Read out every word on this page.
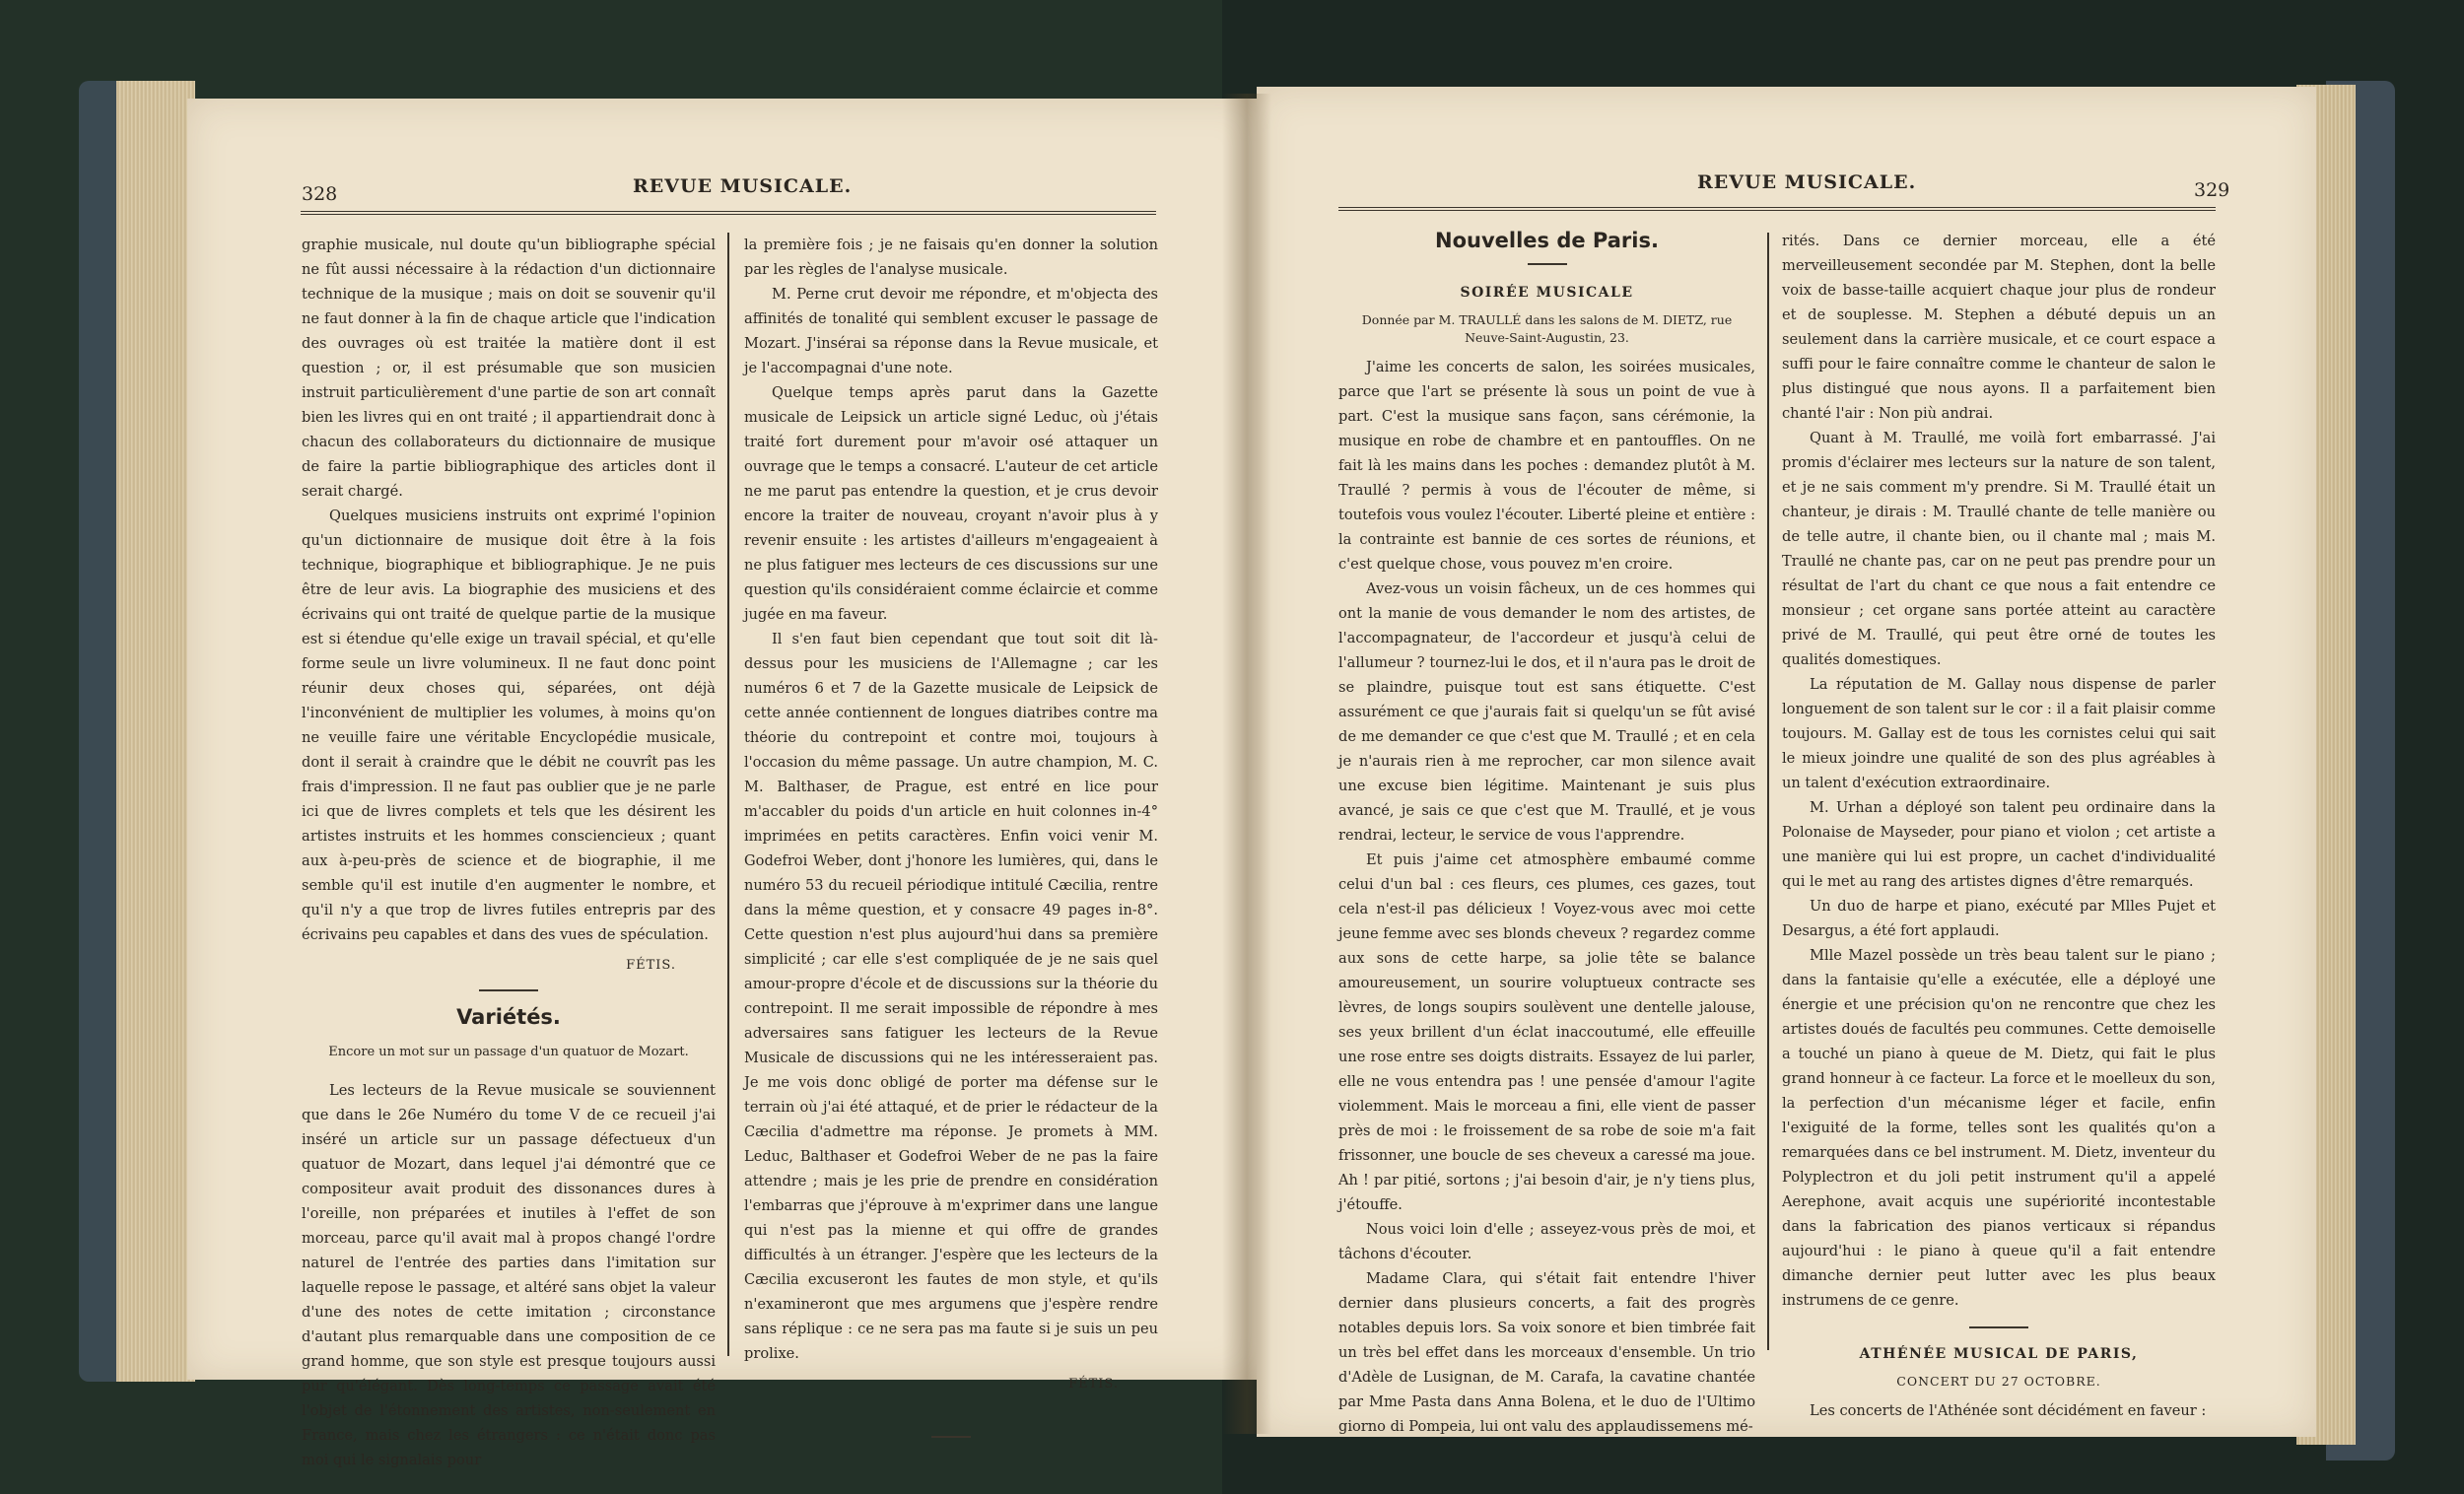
328	REVUE MUSICALE.

graphie musicale, nul doute qu'un bibliographe spécial ne fût aussi nécessaire à la rédaction d'un dictionnaire technique de la musique ; mais on doit se souvenir qu'il ne faut donner à la fin de chaque article que l'indication des ouvrages où est traitée la matière dont il est question ; or, il est présumable que son musicien instruit particulièrement d'une partie de son art connaît bien les livres qui en ont traité ; il appartiendrait donc à chacun des collaborateurs du dictionnaire de musique de faire la partie bibliographique des articles dont il serait chargé.

Quelques musiciens instruits ont exprimé l'opinion qu'un dictionnaire de musique doit être à la fois technique, biographique et bibliographique. Je ne puis être de leur avis. La biographie des musiciens et des écrivains qui ont traité de quelque partie de la musique est si étendue qu'elle exige un travail spécial, et qu'elle forme seule un livre volumineux. Il ne faut donc point réunir deux choses qui, séparées, ont déjà l'inconvénient de multiplier les volumes, à moins qu'on ne veuille faire une véritable Encyclopédie musicale, dont il serait à craindre que le débit ne couvrît pas les frais d'impression. Il ne faut pas oublier que je ne parle ici que de livres complets et tels que les désirent les artistes instruits et les hommes consciencieux ; quant aux à-peu-près de science et de biographie, il me semble qu'il est inutile d'en augmenter le nombre, et qu'il n'y a que trop de livres futiles entrepris par des écrivains peu capables et dans des vues de spéculation.

FÉTIS.
Variétés.
Encore un mot sur un passage d'un quatuor de Mozart.

Les lecteurs de la Revue musicale se souviennent que dans le 26e Numéro du tome V de ce recueil j'ai inséré un article sur un passage défectueux d'un quatuor de Mozart, dans lequel j'ai démontré que ce compositeur avait produit des dissonances dures à l'oreille, non préparées et inutiles à l'effet de son morceau, parce qu'il avait mal à propos changé l'ordre naturel de l'entrée des parties dans l'imitation sur laquelle repose le passage, et altéré sans objet la valeur d'une des notes de cette imitation ; circonstance d'autant plus remarquable dans une composition de ce grand homme, que son style est presque toujours aussi pur qu'élégant. Dès long-temps ce passage avait été l'objet de l'étonnement des artistes, non-seulement en France, mais chez les étrangers : ce n'était donc pas moi qui le signalais pour

la première fois ; je ne faisais qu'en donner la solution par les règles de l'analyse musicale.

M. Perne crut devoir me répondre, et m'objecta des affinités de tonalité qui semblent excuser le passage de Mozart. J'insérai sa réponse dans la Revue musicale, et je l'accompagnai d'une note.

Quelque temps après parut dans la Gazette musicale de Leipsick un article signé Leduc, où j'étais traité fort durement pour m'avoir osé attaquer un ouvrage que le temps a consacré. L'auteur de cet article ne me parut pas entendre la question, et je crus devoir encore la traiter de nouveau, croyant n'avoir plus à y revenir ensuite : les artistes d'ailleurs m'engageaient à ne plus fatiguer mes lecteurs de ces discussions sur une question qu'ils considéraient comme éclaircie et comme jugée en ma faveur.

Il s'en faut bien cependant que tout soit dit là-dessus pour les musiciens de l'Allemagne ; car les numéros 6 et 7 de la Gazette musicale de Leipsick de cette année contiennent de longues diatribes contre ma théorie du contrepoint et contre moi, toujours à l'occasion du même passage. Un autre champion, M. C. M. Balthaser, de Prague, est entré en lice pour m'accabler du poids d'un article en huit colonnes in-4° imprimées en petits caractères. Enfin voici venir M. Godefroi Weber, dont j'honore les lumières, qui, dans le numéro 53 du recueil périodique intitulé Cæcilia, rentre dans la même question, et y consacre 49 pages in-8°. Cette question n'est plus aujourd'hui dans sa première simplicité ; car elle s'est compliquée de je ne sais quel amour-propre d'école et de discussions sur la théorie du contrepoint. Il me serait impossible de répondre à mes adversaires sans fatiguer les lecteurs de la Revue Musicale de discussions qui ne les intéresseraient pas. Je me vois donc obligé de porter ma défense sur le terrain où j'ai été attaqué, et de prier le rédacteur de la Cæcilia d'admettre ma réponse. Je promets à MM. Leduc, Balthaser et Godefroi Weber de ne pas la faire attendre ; mais je les prie de prendre en considération l'embarras que j'éprouve à m'exprimer dans une langue qui n'est pas la mienne et qui offre de grandes difficultés à un étranger. J'espère que les lecteurs de la Cæcilia excuseront les fautes de mon style, et qu'ils n'examineront que mes argumens que j'espère rendre sans réplique : ce ne sera pas ma faute si je suis un peu prolixe.

FÉTIS.
REVUE MUSICALE.	329
Nouvelles de Paris.
SOIRÉE MUSICALE
Donnée par M. TRAULLÉ dans les salons de M. DIETZ, rue Neuve-Saint-Augustin, 23.

J'aime les concerts de salon, les soirées musicales, parce que l'art se présente là sous un point de vue à part. C'est la musique sans façon, sans cérémonie, la musique en robe de chambre et en pantouffles. On ne fait là les mains dans les poches : demandez plutôt à M. Traullé ? permis à vous de l'écouter de même, si toutefois vous voulez l'écouter. Liberté pleine et entière : la contrainte est bannie de ces sortes de réunions, et c'est quelque chose, vous pouvez m'en croire.

Avez-vous un voisin fâcheux, un de ces hommes qui ont la manie de vous demander le nom des artistes, de l'accompagnateur, de l'accordeur et jusqu'à celui de l'allumeur ? tournez-lui le dos, et il n'aura pas le droit de se plaindre, puisque tout est sans étiquette. C'est assurément ce que j'aurais fait si quelqu'un se fût avisé de me demander ce que c'est que M. Traullé ; et en cela je n'aurais rien à me reprocher, car mon silence avait une excuse bien légitime. Maintenant je suis plus avancé, je sais ce que c'est que M. Traullé, et je vous rendrai, lecteur, le service de vous l'apprendre.

Et puis j'aime cet atmosphère embaumé comme celui d'un bal : ces fleurs, ces plumes, ces gazes, tout cela n'est-il pas délicieux ! Voyez-vous avec moi cette jeune femme avec ses blonds cheveux ? regardez comme aux sons de cette harpe, sa jolie tête se balance amoureusement, un sourire voluptueux contracte ses lèvres, de longs soupirs soulèvent une dentelle jalouse, ses yeux brillent d'un éclat inaccoutumé, elle effeuille une rose entre ses doigts distraits. Essayez de lui parler, elle ne vous entendra pas ! une pensée d'amour l'agite violemment. Mais le morceau a fini, elle vient de passer près de moi : le froissement de sa robe de soie m'a fait frissonner, une boucle de ses cheveux a caressé ma joue. Ah ! par pitié, sortons ; j'ai besoin d'air, je n'y tiens plus, j'étouffe.

Nous voici loin d'elle ; asseyez-vous près de moi, et tâchons d'écouter.

Madame Clara, qui s'était fait entendre l'hiver dernier dans plusieurs concerts, a fait des progrès notables depuis lors. Sa voix sonore et bien timbrée fait un très bel effet dans les morceaux d'ensemble. Un trio d'Adèle de Lusignan, de M. Carafa, la cavatine chantée par Mme Pasta dans Anna Bolena, et le duo de l'Ultimo giorno di Pompeia, lui ont valu des applaudissemens mé-

rités. Dans ce dernier morceau, elle a été merveilleusement secondée par M. Stephen, dont la belle voix de basse-taille acquiert chaque jour plus de rondeur et de souplesse. M. Stephen a débuté depuis un an seulement dans la carrière musicale, et ce court espace a suffi pour le faire connaître comme le chanteur de salon le plus distingué que nous ayons. Il a parfaitement bien chanté l'air : Non più andrai.

Quant à M. Traullé, me voilà fort embarrassé. J'ai promis d'éclairer mes lecteurs sur la nature de son talent, et je ne sais comment m'y prendre. Si M. Traullé était un chanteur, je dirais : M. Traullé chante de telle manière ou de telle autre, il chante bien, ou il chante mal ; mais M. Traullé ne chante pas, car on ne peut pas prendre pour un résultat de l'art du chant ce que nous a fait entendre ce monsieur ; cet organe sans portée atteint au caractère privé de M. Traullé, qui peut être orné de toutes les qualités domestiques.

La réputation de M. Gallay nous dispense de parler longuement de son talent sur le cor : il a fait plaisir comme toujours. M. Gallay est de tous les cornistes celui qui sait le mieux joindre une qualité de son des plus agréables à un talent d'exécution extraordinaire.

M. Urhan a déployé son talent peu ordinaire dans la Polonaise de Mayseder, pour piano et violon ; cet artiste a une manière qui lui est propre, un cachet d'individualité qui le met au rang des artistes dignes d'être remarqués.

Un duo de harpe et piano, exécuté par Mlles Pujet et Desargus, a été fort applaudi.

Mlle Mazel possède un très beau talent sur le piano ; dans la fantaisie qu'elle a exécutée, elle a déployé une énergie et une précision qu'on ne rencontre que chez les artistes doués de facultés peu communes. Cette demoiselle a touché un piano à queue de M. Dietz, qui fait le plus grand honneur à ce facteur. La force et le moelleux du son, la perfection d'un mécanisme léger et facile, enfin l'exiguité de la forme, telles sont les qualités qu'on a remarquées dans ce bel instrument. M. Dietz, inventeur du Polyplectron et du joli petit instrument qu'il a appelé Aerephone, avait acquis une supériorité incontestable dans la fabrication des pianos verticaux si répandus aujourd'hui : le piano à queue qu'il a fait entendre dimanche dernier peut lutter avec les plus beaux instrumens de ce genre.

ATHÉNÉE MUSICAL DE PARIS,
CONCERT DU 27 OCTOBRE.

Les concerts de l'Athénée sont décidément en faveur :
